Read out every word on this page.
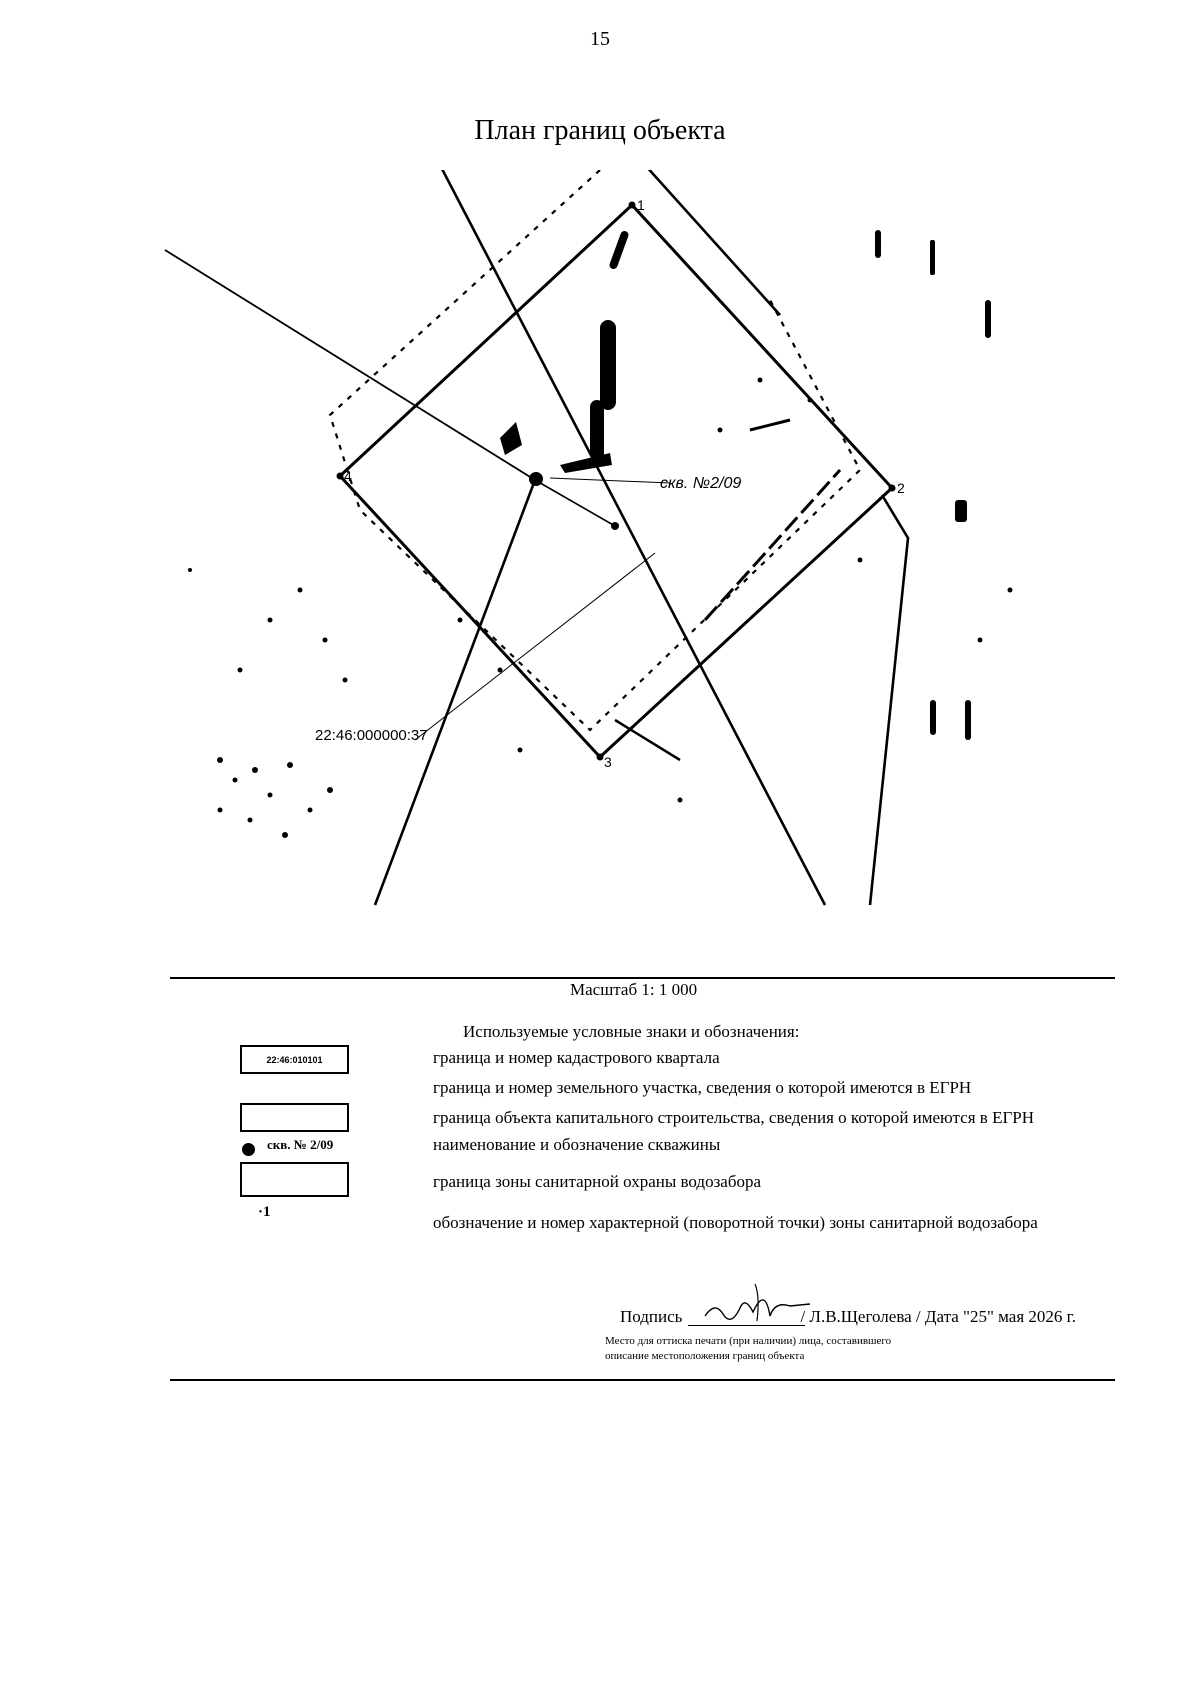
15
План границ объекта
1
2
3
4	скв. №2/09
22:46:000000:37
Масштаб 1: 1 000
Используемые условные знаки и обозначения:
22:46:010101
скв. № 2/09
·1
граница и номер кадастрового квартала
граница и номер земельного участка, сведения о которой имеются в ЕГРН
граница объекта капитального строительства, сведения о которой имеются в ЕГРН
наименование и обозначение скважины
граница зоны санитарной охраны водозабора
обозначение и номер характерной (поворотной точки) зоны санитарной водозабора
Подпись	/ Л.В.Щеголева / Дата "25" мая 2026 г.
Место для оттиска печати (при наличии) лица, составившего
описание местоположения границ объекта
